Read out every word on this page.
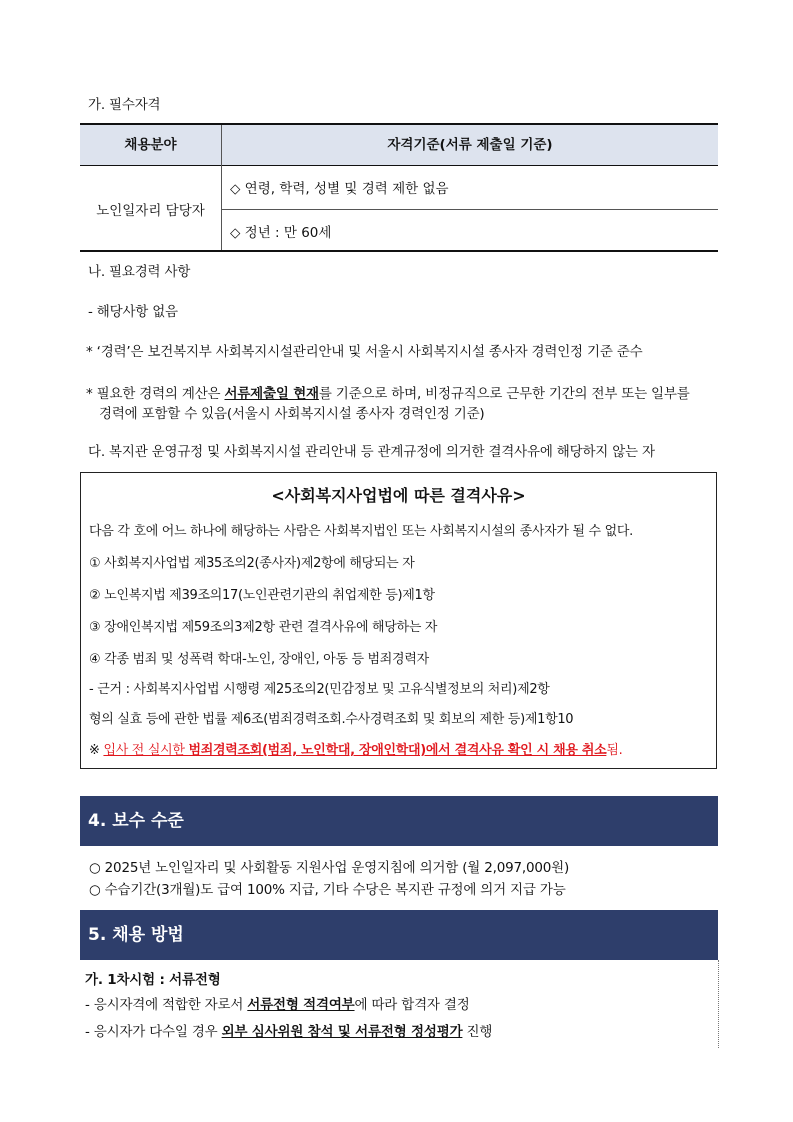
가. 필수자격
채용분야	자격기준(서류 제출일 기준)
노인일자리 담당자
◇ 연령, 학력, 성별 및 경력 제한 없음
◇ 정년 : 만 60세
나. 필요경력 사항
- 해당사항 없음
* ‘경력’은 보건복지부 사회복지시설관리안내 및 서울시 사회복지시설 종사자 경력인정 기준 준수
* 필요한 경력의 계산은 서류제출일 현재를 기준으로 하며, 비정규직으로 근무한 기간의 전부 또는 일부를
경력에 포함할 수 있음(서울시 사회복지시설 종사자 경력인정 기준)
다. 복지관 운영규정 및 사회복지시설 관리안내 등 관계규정에 의거한 결격사유에 해당하지 않는 자
<사회복지사업법에 따른 결격사유>
다음 각 호에 어느 하나에 해당하는 사람은 사회복지법인 또는 사회복지시설의 종사자가 될 수 없다.
① 사회복지사업법 제35조의2(종사자)제2항에 해당되는 자
② 노인복지법 제39조의17(노인관련기관의 취업제한 등)제1항
③ 장애인복지법 제59조의3제2항 관련 결격사유에 해당하는 자
④ 각종 범죄 및 성폭력 학대-노인, 장애인, 아동 등 범죄경력자
- 근거 : 사회복지사업법 시행령 제25조의2(민감정보 및 고유식별정보의 처리)제2항
형의 실효 등에 관한 법률 제6조(범죄경력조회.수사경력조회 및 회보의 제한 등)제1항10
※ 입사 전 실시한 범죄경력조회(범죄, 노인학대, 장애인학대)에서 결격사유 확인 시 채용 취소됨.
4. 보수 수준
○ 2025년 노인일자리 및 사회활동 지원사업 운영지침에 의거함 (월 2,097,000원)
○ 수습기간(3개월)도 급여 100% 지급, 기타 수당은 복지관 규정에 의거 지급 가능
5. 채용 방법
가. 1차시험 : 서류전형
- 응시자격에 적합한 자로서 서류전형 적격여부에 따라 합격자 결정
- 응시자가 다수일 경우 외부 심사위원 참석 및 서류전형 정성평가 진행
